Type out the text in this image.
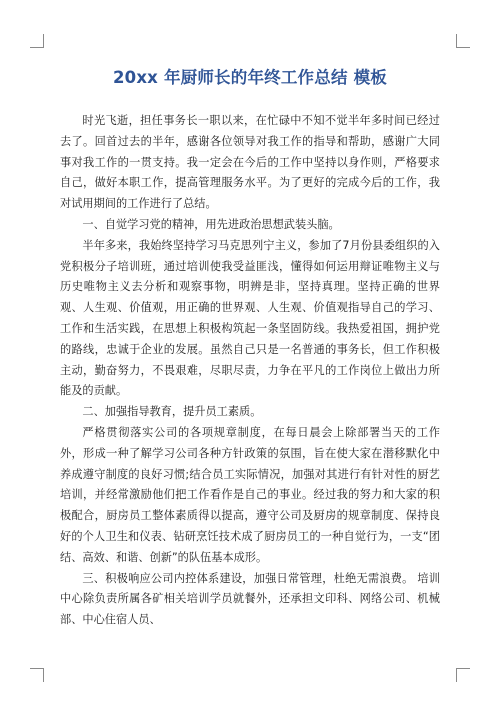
20xx 年厨师长的年终工作总结 模板

时光飞逝，担任事务长一职以来，在忙碌中不知不觉半年多时间已经过去了。回首过去的半年，感谢各位领导对我工作的指导和帮助，感谢广大同事对我工作的一贯支持。我一定会在今后的工作中坚持以身作则，严格要求自己，做好本职工作，提高管理服务水平。为了更好的完成今后的工作，我对试用期间的工作进行了总结。

一、自觉学习党的精神，用先进政治思想武装头脑。

半年多来，我始终坚持学习马克思列宁主义，参加了7月份县委组织的入党积极分子培训班，通过培训使我受益匪浅，懂得如何运用辩证唯物主义与历史唯物主义去分析和观察事物，明辨是非，坚持真理。坚持正确的世界观、人生观、价值观，用正确的世界观、人生观、价值观指导自己的学习、工作和生活实践，在思想上积极构筑起一条坚固防线。我热爱祖国，拥护党的路线，忠诚于企业的发展。虽然自己只是一名普通的事务长，但工作积极主动，勤奋努力，不畏艰难，尽职尽责，力争在平凡的工作岗位上做出力所能及的贡献。

二、加强指导教育，提升员工素质。

严格贯彻落实公司的各项规章制度，在每日晨会上除部署当天的工作外，形成一种了解学习公司各种方针政策的氛围，旨在使大家在潜移默化中养成遵守制度的良好习惯;结合员工实际情况，加强对其进行有针对性的厨艺培训，并经常激励他们把工作看作是自己的事业。经过我的努力和大家的积极配合，厨房员工整体素质得以提高，遵守公司及厨房的规章制度、保持良好的个人卫生和仪表、钻研烹饪技术成了厨房员工的一种自觉行为，一支“团结、高效、和谐、创新”的队伍基本成形。

三、积极响应公司内控体系建设，加强日常管理，杜绝无需浪费。 培训中心除负责所属各矿相关培训学员就餐外，还承担文印科、网络公司、机械部、中心住宿人员、
